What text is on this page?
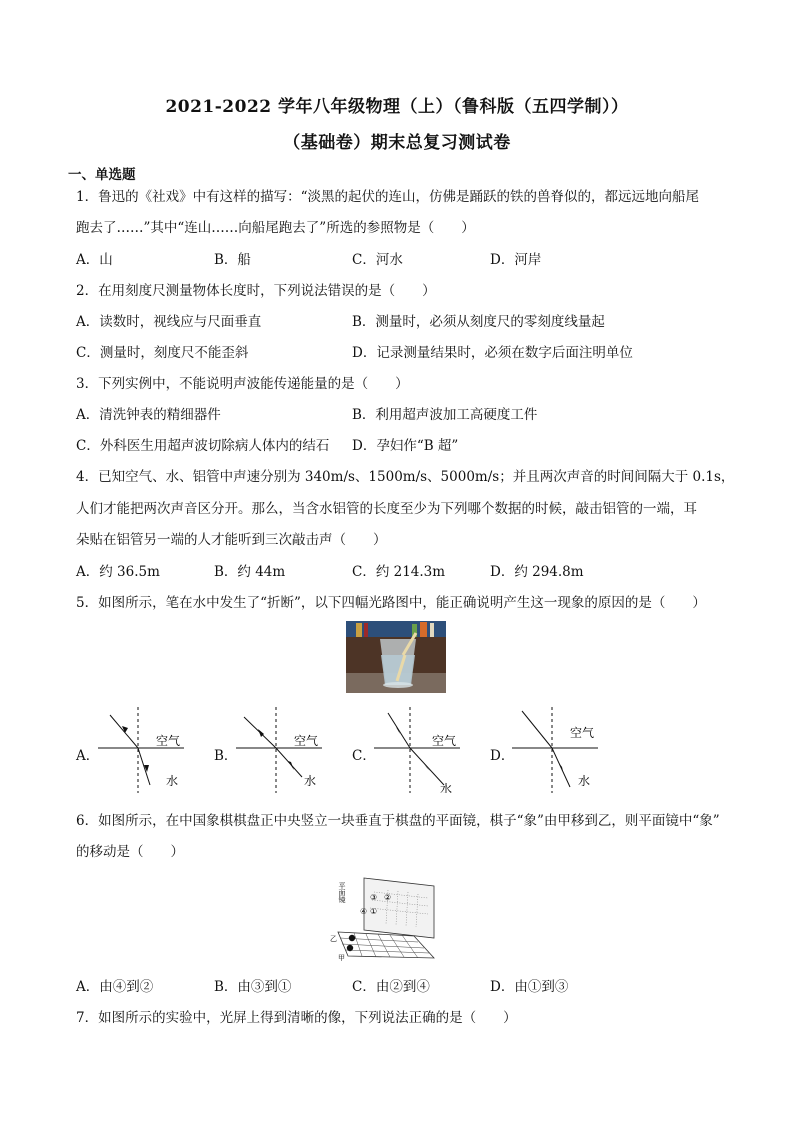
2021-2022 学年八年级物理（上）（鲁科版（五四学制））
（基础卷）期末总复习测试卷
一、单选题
1．鲁迅的《社戏》中有这样的描写：“淡黑的起伏的连山，仿佛是踊跃的铁的兽脊似的，都远远地向船尾
跑去了……”其中“连山……向船尾跑去了”所选的参照物是（　　）
A．山	B．船	C．河水	D．河岸
2．在用刻度尺测量物体长度时，下列说法错误的是（　　）
A．读数时，视线应与尺面垂直	B．测量时，必须从刻度尺的零刻度线量起
C．测量时，刻度尺不能歪斜	D．记录测量结果时，必须在数字后面注明单位
3．下列实例中，不能说明声波能传递能量的是（　　）
A．清洗钟表的精细器件	B．利用超声波加工高硬度工件
C．外科医生用超声波切除病人体内的结石 D．孕妇作“B 超”
4．已知空气、水、铝管中声速分别为 340m/s、1500m/s、5000m/s；并且两次声音的时间间隔大于 0.1s，
人们才能把两次声音区分开。那么，当含水铝管的长度至少为下列哪个数据的时候，敲击铝管的一端，耳
朵贴在铝管另一端的人才能听到三次敲击声（　　）
A．约 36.5m	B．约 44m	C．约 214.3m	D．约 294.8m
5．如图所示，笔在水中发生了“折断”，以下四幅光路图中，能正确说明产生这一现象的原因的是（　　）
A．	B．	C．	D．
空气
水
空气
水
空气
水
空气
水
6．如图所示，在中国象棋棋盘正中央竖立一块垂直于棋盘的平面镜，棋子“象”由甲移到乙，则平面镜中“象”
的移动是（　　）
平面镜	③ ②
④ ①
乙
甲
A．由④到②	B．由③到①	C．由②到④	D．由①到③
7．如图所示的实验中，光屏上得到清晰的像，下列说法正确的是（　　）
